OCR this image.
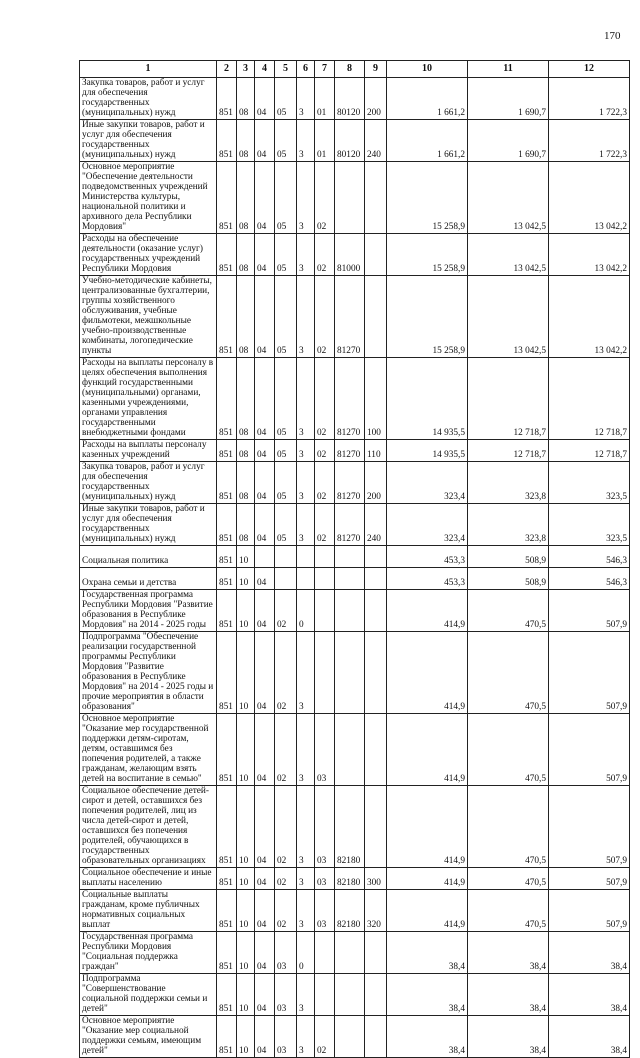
170
1	2	3	4	5	6	7	8	9	10	11	12
Закупка товаров, работ и услуг для обеспечения государственных (муниципальных) нужд	851	08	04	05	3	01	80120	200	1 661,2	1 690,7	1 722,3
Иные закупки товаров, работ и услуг для обеспечения государственных (муниципальных) нужд	851	08	04	05	3	01	80120	240	1 661,2	1 690,7	1 722,3
Основное мероприятие "Обеспечение деятельности подведомственных учреждений Министерства культуры, национальной политики и архивного дела Республики Мордовия"	851	08	04	05	3	02			15 258,9	13 042,5	13 042,2
Расходы на обеспечение деятельности (оказание услуг) государственных учреждений Республики Мордовия	851	08	04	05	3	02	81000		15 258,9	13 042,5	13 042,2
Учебно-методические кабинеты, централизованные бухгалтерии, группы хозяйственного обслуживания, учебные фильмотеки, межшкольные учебно-производственные комбинаты, логопедические пункты	851	08	04	05	3	02	81270		15 258,9	13 042,5	13 042,2
Расходы на выплаты персоналу в целях обеспечения выполнения функций государственными (муниципальными) органами, казенными учреждениями, органами управления государственными внебюджетными фондами	851	08	04	05	3	02	81270	100	14 935,5	12 718,7	12 718,7
Расходы на выплаты персоналу казенных учреждений	851	08	04	05	3	02	81270	110	14 935,5	12 718,7	12 718,7
Закупка товаров, работ и услуг для обеспечения государственных (муниципальных) нужд	851	08	04	05	3	02	81270	200	323,4	323,8	323,5
Иные закупки товаров, работ и услуг для обеспечения государственных (муниципальных) нужд	851	08	04	05	3	02	81270	240	323,4	323,8	323,5
Социальная политика	851	10							453,3	508,9	546,3
Охрана семьи и детства	851	10	04						453,3	508,9	546,3
Государственная программа Республики Мордовия "Развитие образования в Республике Мордовия" на 2014 - 2025 годы	851	10	04	02	0				414,9	470,5	507,9
Подпрограмма "Обеспечение реализации государственной программы Республики Мордовия "Развитие образования в Республике Мордовия" на 2014 - 2025 годы и прочие мероприятия в области образования"	851	10	04	02	3				414,9	470,5	507,9
Основное мероприятие "Оказание мер государственной поддержки детям-сиротам, детям, оставшимся без попечения родителей, а также гражданам, желающим взять детей на воспитание в семью"	851	10	04	02	3	03			414,9	470,5	507,9
Социальное обеспечение детей-сирот и детей, оставшихся без попечения родителей, лиц из числа детей-сирот и детей, оставшихся без попечения родителей, обучающихся в государственных образовательных организациях	851	10	04	02	3	03	82180		414,9	470,5	507,9
Социальное обеспечение и иные выплаты населению	851	10	04	02	3	03	82180	300	414,9	470,5	507,9
Социальные выплаты гражданам, кроме публичных нормативных социальных выплат	851	10	04	02	3	03	82180	320	414,9	470,5	507,9
Государственная программа Республики Мордовия "Социальная поддержка граждан"	851	10	04	03	0				38,4	38,4	38,4
Подпрограмма "Совершенствование социальной поддержки семьи и детей"	851	10	04	03	3				38,4	38,4	38,4
Основное мероприятие "Оказание мер социальной поддержки семьям, имеющим детей"	851	10	04	03	3	02			38,4	38,4	38,4
